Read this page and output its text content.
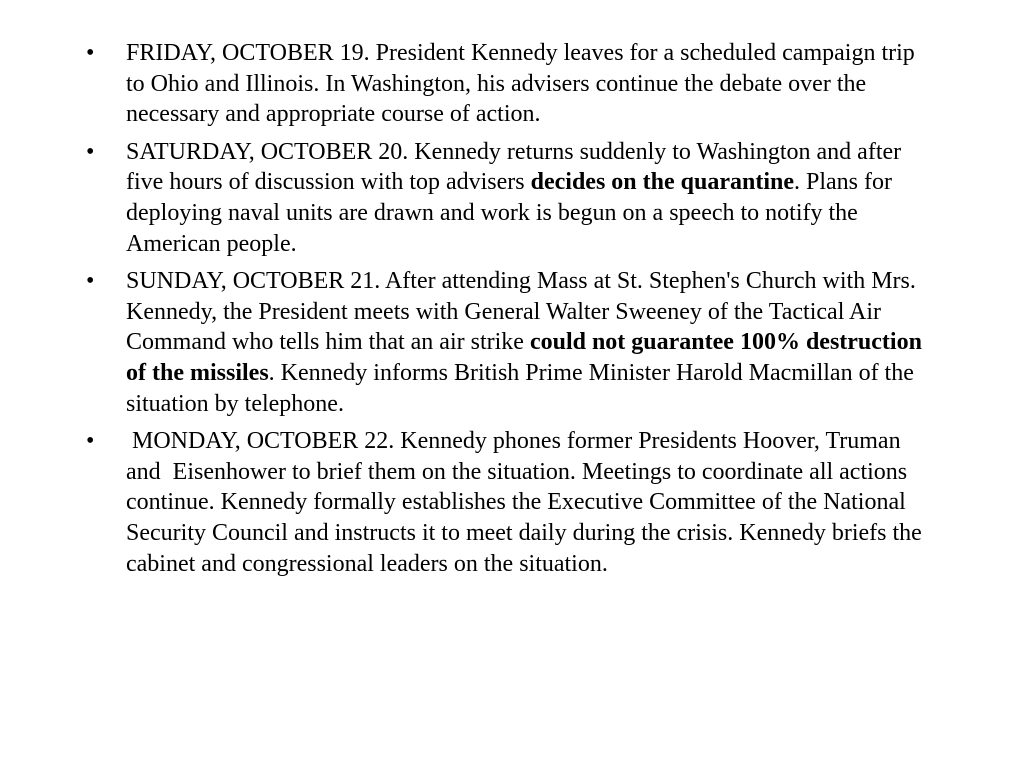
• FRIDAY, OCTOBER 19. President Kennedy leaves for a scheduled campaign trip to Ohio and Illinois. In Washington, his advisers continue the debate over the necessary and appropriate course of action.
• SATURDAY, OCTOBER 20. Kennedy returns suddenly to Washington and after five hours of discussion with top advisers decides on the quarantine. Plans for deploying naval units are drawn and work is begun on a speech to notify the American people.
• SUNDAY, OCTOBER 21. After attending Mass at St. Stephen's Church with Mrs. Kennedy, the President meets with General Walter Sweeney of the Tactical Air Command who tells him that an air strike could not guarantee 100% destruction of the missiles. Kennedy informs British Prime Minister Harold Macmillan of the situation by telephone.
• MONDAY, OCTOBER 22. Kennedy phones former Presidents Hoover, Truman and  Eisenhower to brief them on the situation. Meetings to coordinate all actions continue. Kennedy formally establishes the Executive Committee of the National Security Council and instructs it to meet daily during the crisis. Kennedy briefs the cabinet and congressional leaders on the situation.
